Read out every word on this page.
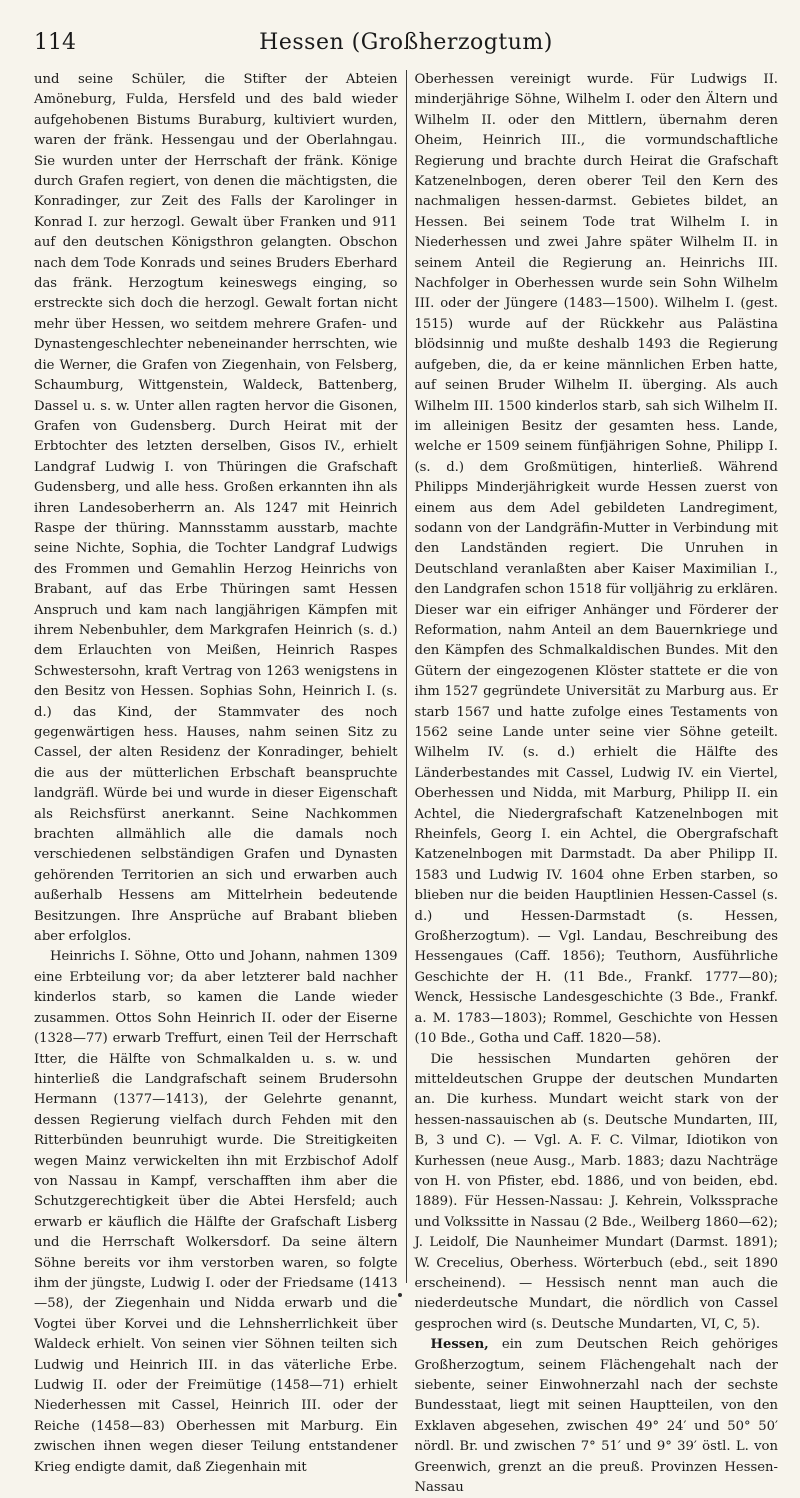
114	Hessen (Großherzogtum)

und seine Schüler, die Stifter der Abteien Amöneburg, Fulda, Hersfeld und des bald wieder aufgehobenen Bistums Buraburg, kultiviert wurden, waren der fränk. Hessengau und der Oberlahngau. Sie wurden unter der Herrschaft der fränk. Könige durch Grafen regiert, von denen die mächtigsten, die Konradinger, zur Zeit des Falls der Karolinger in Konrad I. zur herzogl. Gewalt über Franken und 911 auf den deutschen Königsthron gelangten. Obschon nach dem Tode Konrads und seines Bruders Eberhard das fränk. Herzogtum keineswegs einging, so erstreckte sich doch die herzogl. Gewalt fortan nicht mehr über Hessen, wo seitdem mehrere Grafen- und Dynastengeschlechter nebeneinander herrschten, wie die Werner, die Grafen von Ziegenhain, von Felsberg, Schaumburg, Wittgenstein, Waldeck, Battenberg, Dassel u. s. w. Unter allen ragten hervor die Gisonen, Grafen von Gudensberg. Durch Heirat mit der Erbtochter des letzten derselben, Gisos IV., erhielt Landgraf Ludwig I. von Thüringen die Grafschaft Gudensberg, und alle hess. Großen erkannten ihn als ihren Landesoberherrn an. Als 1247 mit Heinrich Raspe der thüring. Mannsstamm ausstarb, machte seine Nichte, Sophia, die Tochter Landgraf Ludwigs des Frommen und Gemahlin Herzog Heinrichs von Brabant, auf das Erbe Thüringen samt Hessen Anspruch und kam nach langjährigen Kämpfen mit ihrem Nebenbuhler, dem Markgrafen Heinrich (s. d.) dem Erlauchten von Meißen, Heinrich Raspes Schwestersohn, kraft Vertrag von 1263 wenigstens in den Besitz von Hessen. Sophias Sohn, Heinrich I. (s. d.) das Kind, der Stammvater des noch gegenwärtigen hess. Hauses, nahm seinen Sitz zu Cassel, der alten Residenz der Konradinger, behielt die aus der mütterlichen Erbschaft beanspruchte landgräfl. Würde bei und wurde in dieser Eigenschaft als Reichsfürst anerkannt. Seine Nachkommen brachten allmählich alle die damals noch verschiedenen selbständigen Grafen und Dynasten gehörenden Territorien an sich und erwarben auch außerhalb Hessens am Mittelrhein bedeutende Besitzungen. Ihre Ansprüche auf Brabant blieben aber erfolglos.

Heinrichs I. Söhne, Otto und Johann, nahmen 1309 eine Erbteilung vor; da aber letzterer bald nachher kinderlos starb, so kamen die Lande wieder zusammen. Ottos Sohn Heinrich II. oder der Eiserne (1328—77) erwarb Treffurt, einen Teil der Herrschaft Itter, die Hälfte von Schmalkalden u. s. w. und hinterließ die Landgrafschaft seinem Brudersohn Hermann (1377—1413), der Gelehrte genannt, dessen Regierung vielfach durch Fehden mit den Ritterbünden beunruhigt wurde. Die Streitigkeiten wegen Mainz verwickelten ihn mit Erzbischof Adolf von Nassau in Kampf, verschafften ihm aber die Schutzgerechtigkeit über die Abtei Hersfeld; auch erwarb er käuflich die Hälfte der Grafschaft Lisberg und die Herrschaft Wolkersdorf. Da seine ältern Söhne bereits vor ihm verstorben waren, so folgte ihm der jüngste, Ludwig I. oder der Friedsame (1413—58), der Ziegenhain und Nidda erwarb und die Vogtei über Korvei und die Lehnsherrlichkeit über Waldeck erhielt. Von seinen vier Söhnen teilten sich Ludwig und Heinrich III. in das väterliche Erbe. Ludwig II. oder der Freimütige (1458—71) erhielt Niederhessen mit Cassel, Heinrich III. oder der Reiche (1458—83) Oberhessen mit Marburg. Ein zwischen ihnen wegen dieser Teilung entstandener Krieg endigte damit, daß Ziegenhain mit

Oberhessen vereinigt wurde. Für Ludwigs II. minderjährige Söhne, Wilhelm I. oder den Ältern und Wilhelm II. oder den Mittlern, übernahm deren Oheim, Heinrich III., die vormundschaftliche Regierung und brachte durch Heirat die Grafschaft Katzenelnbogen, deren oberer Teil den Kern des nachmaligen hessen-darmst. Gebietes bildet, an Hessen. Bei seinem Tode trat Wilhelm I. in Niederhessen und zwei Jahre später Wilhelm II. in seinem Anteil die Regierung an. Heinrichs III. Nachfolger in Oberhessen wurde sein Sohn Wilhelm III. oder der Jüngere (1483—1500). Wilhelm I. (gest. 1515) wurde auf der Rückkehr aus Palästina blödsinnig und mußte deshalb 1493 die Regierung aufgeben, die, da er keine männlichen Erben hatte, auf seinen Bruder Wilhelm II. überging. Als auch Wilhelm III. 1500 kinderlos starb, sah sich Wilhelm II. im alleinigen Besitz der gesamten hess. Lande, welche er 1509 seinem fünfjährigen Sohne, Philipp I. (s. d.) dem Großmütigen, hinterließ. Während Philipps Minderjährigkeit wurde Hessen zuerst von einem aus dem Adel gebildeten Landregiment, sodann von der Landgräfin-Mutter in Verbindung mit den Landständen regiert. Die Unruhen in Deutschland veranlaßten aber Kaiser Maximilian I., den Landgrafen schon 1518 für volljährig zu erklären. Dieser war ein eifriger Anhänger und Förderer der Reformation, nahm Anteil an dem Bauernkriege und den Kämpfen des Schmalkaldischen Bundes. Mit den Gütern der eingezogenen Klöster stattete er die von ihm 1527 gegründete Universität zu Marburg aus. Er starb 1567 und hatte zufolge eines Testaments von 1562 seine Lande unter seine vier Söhne geteilt. Wilhelm IV. (s. d.) erhielt die Hälfte des Länderbestandes mit Cassel, Ludwig IV. ein Viertel, Oberhessen und Nidda, mit Marburg, Philipp II. ein Achtel, die Niedergrafschaft Katzenelnbogen mit Rheinfels, Georg I. ein Achtel, die Obergrafschaft Katzenelnbogen mit Darmstadt. Da aber Philipp II. 1583 und Ludwig IV. 1604 ohne Erben starben, so blieben nur die beiden Hauptlinien Hessen-Cassel (s. d.) und Hessen-Darmstadt (s. Hessen, Großherzogtum). — Vgl. Landau, Beschreibung des Hessengaues (Caff. 1856); Teuthorn, Ausführliche Geschichte der H. (11 Bde., Frankf. 1777—80); Wenck, Hessische Landesgeschichte (3 Bde., Frankf. a. M. 1783—1803); Rommel, Geschichte von Hessen (10 Bde., Gotha und Caff. 1820—58).

Die hessischen Mundarten gehören der mitteldeutschen Gruppe der deutschen Mundarten an. Die kurhess. Mundart weicht stark von der hessen-nassauischen ab (s. Deutsche Mundarten, III, B, 3 und C). — Vgl. A. F. C. Vilmar, Idiotikon von Kurhessen (neue Ausg., Marb. 1883; dazu Nachträge von H. von Pfister, ebd. 1886, und von beiden, ebd. 1889). Für Hessen-Nassau: J. Kehrein, Volkssprache und Volkssitte in Nassau (2 Bde., Weilberg 1860—62); J. Leidolf, Die Naunheimer Mundart (Darmst. 1891); W. Crecelius, Oberhess. Wörterbuch (ebd., seit 1890 erscheinend). — Hessisch nennt man auch die niederdeutsche Mundart, die nördlich von Cassel gesprochen wird (s. Deutsche Mundarten, VI, C, 5).

Hessen, ein zum Deutschen Reich gehöriges Großherzogtum, seinem Flächengehalt nach der siebente, seiner Einwohnerzahl nach der sechste Bundesstaat, liegt mit seinen Hauptteilen, von den Exklaven abgesehen, zwischen 49° 24′ und 50° 50′ nördl. Br. und zwischen 7° 51′ und 9° 39′ östl. L. von Greenwich, grenzt an die preuß. Provinzen Hessen-Nassau
